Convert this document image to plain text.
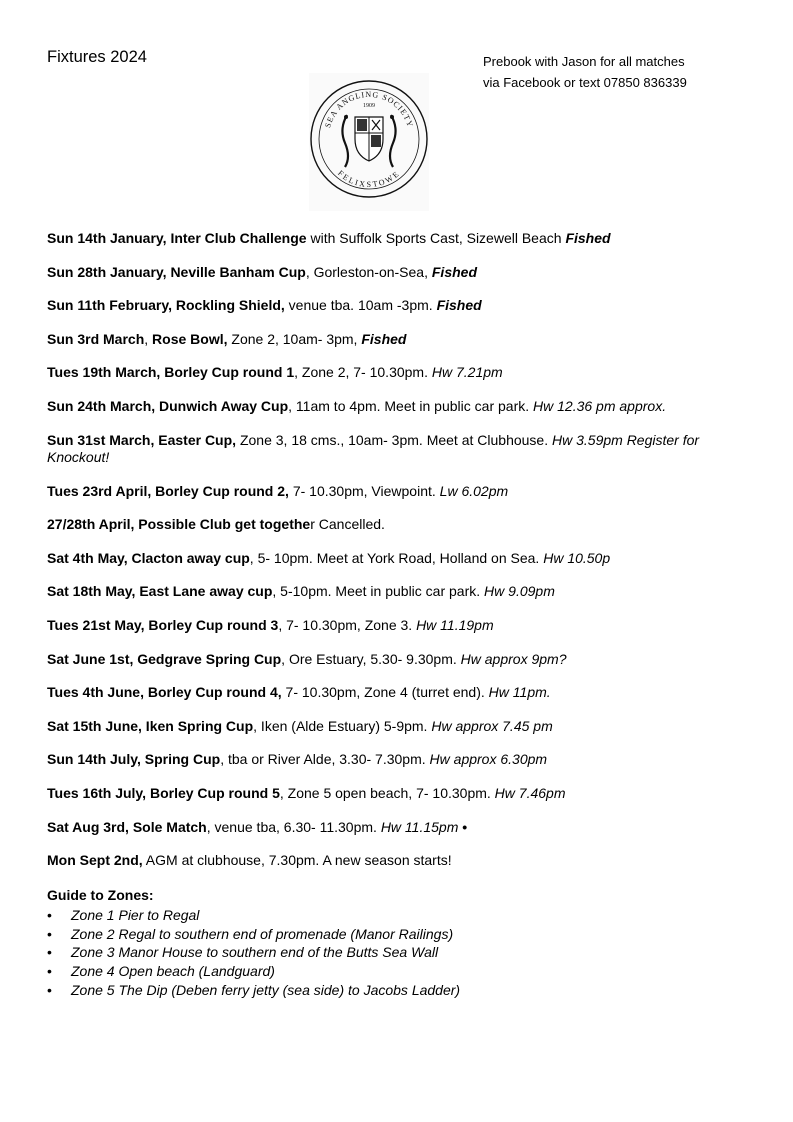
Fixtures 2024	Prebook with Jason for all matches
via Facebook or text 07850 836339
SEA ANGLING SOCIETY
1909
FELIXSTOWE

Sun 14th January, Inter Club Challenge with Suffolk Sports Cast, Sizewell Beach Fished

Sun 28th January, Neville Banham Cup, Gorleston-on-Sea, Fished

Sun 11th February, Rockling Shield, venue tba. 10am -3pm. Fished

Sun 3rd March, Rose Bowl, Zone 2, 10am- 3pm, Fished

Tues 19th March, Borley Cup round 1, Zone 2, 7- 10.30pm. Hw 7.21pm

Sun 24th March, Dunwich Away Cup, 11am to 4pm. Meet in public car park. Hw 12.36 pm approx.

Sun 31st March, Easter Cup, Zone 3, 18 cms., 10am- 3pm. Meet at Clubhouse. Hw 3.59pm Register for Knockout!

Tues 23rd April, Borley Cup round 2, 7- 10.30pm, Viewpoint. Lw 6.02pm

27/28th April, Possible Club get together Cancelled.

Sat 4th May, Clacton away cup, 5- 10pm. Meet at York Road, Holland on Sea. Hw 10.50p

Sat 18th May, East Lane away cup, 5-10pm. Meet in public car park. Hw 9.09pm

Tues 21st May, Borley Cup round 3, 7- 10.30pm, Zone 3. Hw 11.19pm

Sat June 1st, Gedgrave Spring Cup, Ore Estuary, 5.30- 9.30pm. Hw approx 9pm?

Tues 4th June, Borley Cup round 4, 7- 10.30pm, Zone 4 (turret end). Hw 11pm.

Sat 15th June, Iken Spring Cup, Iken (Alde Estuary) 5-9pm. Hw approx 7.45 pm

Sun 14th July, Spring Cup, tba or River Alde, 3.30- 7.30pm. Hw approx 6.30pm

Tues 16th July, Borley Cup round 5, Zone 5 open beach, 7- 10.30pm. Hw 7.46pm

Sat Aug 3rd, Sole Match, venue tba, 6.30- 11.30pm. Hw 11.15pm •

Mon Sept 2nd, AGM at clubhouse, 7.30pm. A new season starts!

Guide to Zones:
• Zone 1 Pier to Regal
• Zone 2 Regal to southern end of promenade (Manor Railings)
• Zone 3 Manor House to southern end of the Butts Sea Wall
• Zone 4 Open beach (Landguard)
• Zone 5 The Dip (Deben ferry jetty (sea side) to Jacobs Ladder)
